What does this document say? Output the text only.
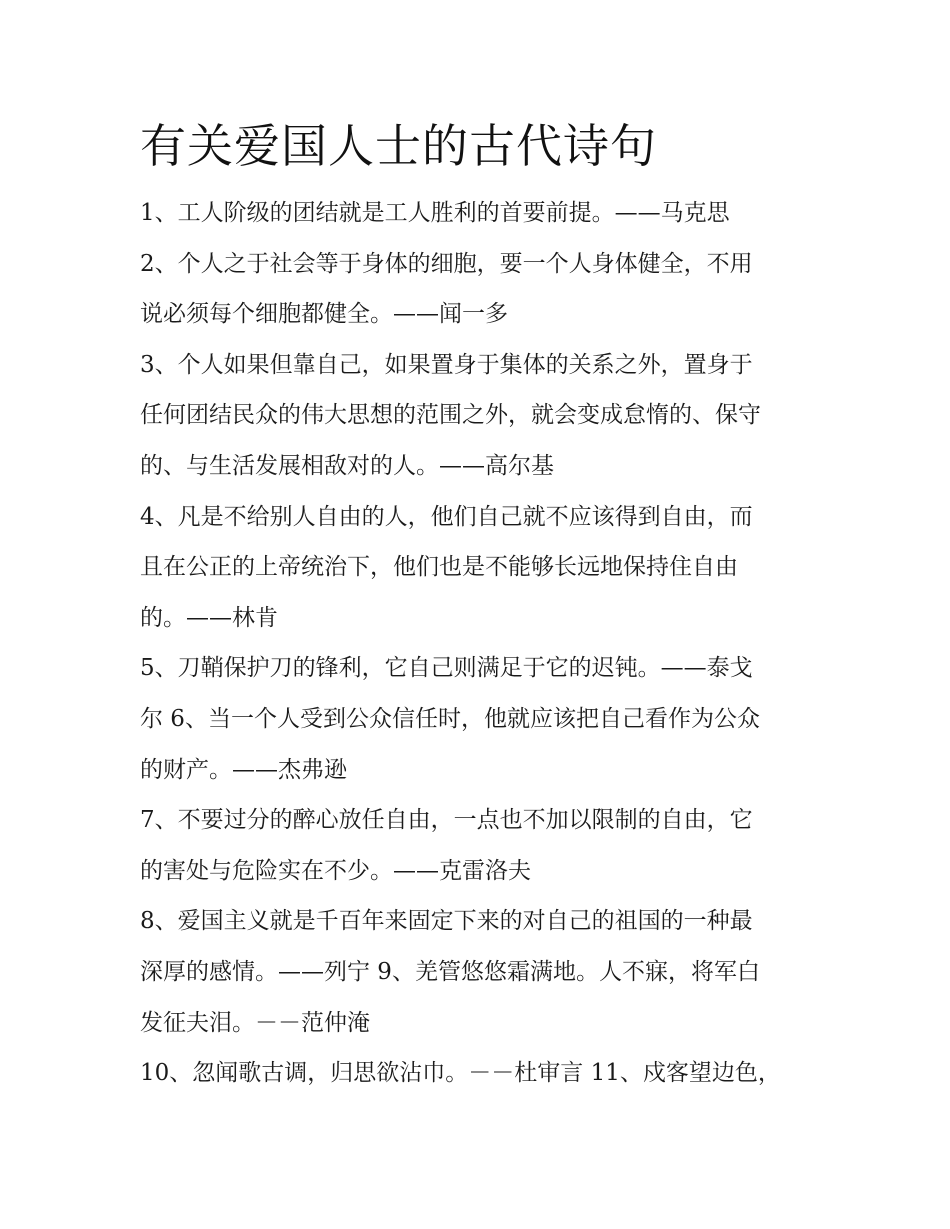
有关爱国人士的古代诗句
1、工人阶级的团结就是工人胜利的首要前提。——马克思
2、个人之于社会等于身体的细胞，要一个人身体健全，不用
说必须每个细胞都健全。——闻一多
3、个人如果但靠自己，如果置身于集体的关系之外，置身于
任何团结民众的伟大思想的范围之外，就会变成怠惰的、保守
的、与生活发展相敌对的人。——高尔基
4、凡是不给别人自由的人，他们自己就不应该得到自由，而
且在公正的上帝统治下，他们也是不能够长远地保持住自由
的。——林肯
5、刀鞘保护刀的锋利，它自己则满足于它的迟钝。——泰戈
尔 6、当一个人受到公众信任时，他就应该把自己看作为公众
的财产。——杰弗逊
7、不要过分的醉心放任自由，一点也不加以限制的自由，它
的害处与危险实在不少。——克雷洛夫
8、爱国主义就是千百年来固定下来的对自己的祖国的一种最
深厚的感情。——列宁 9、羌管悠悠霜满地。人不寐，将军白
发征夫泪。－－范仲淹
10、忽闻歌古调，归思欲沾巾。－－杜审言 11、戍客望边色，
